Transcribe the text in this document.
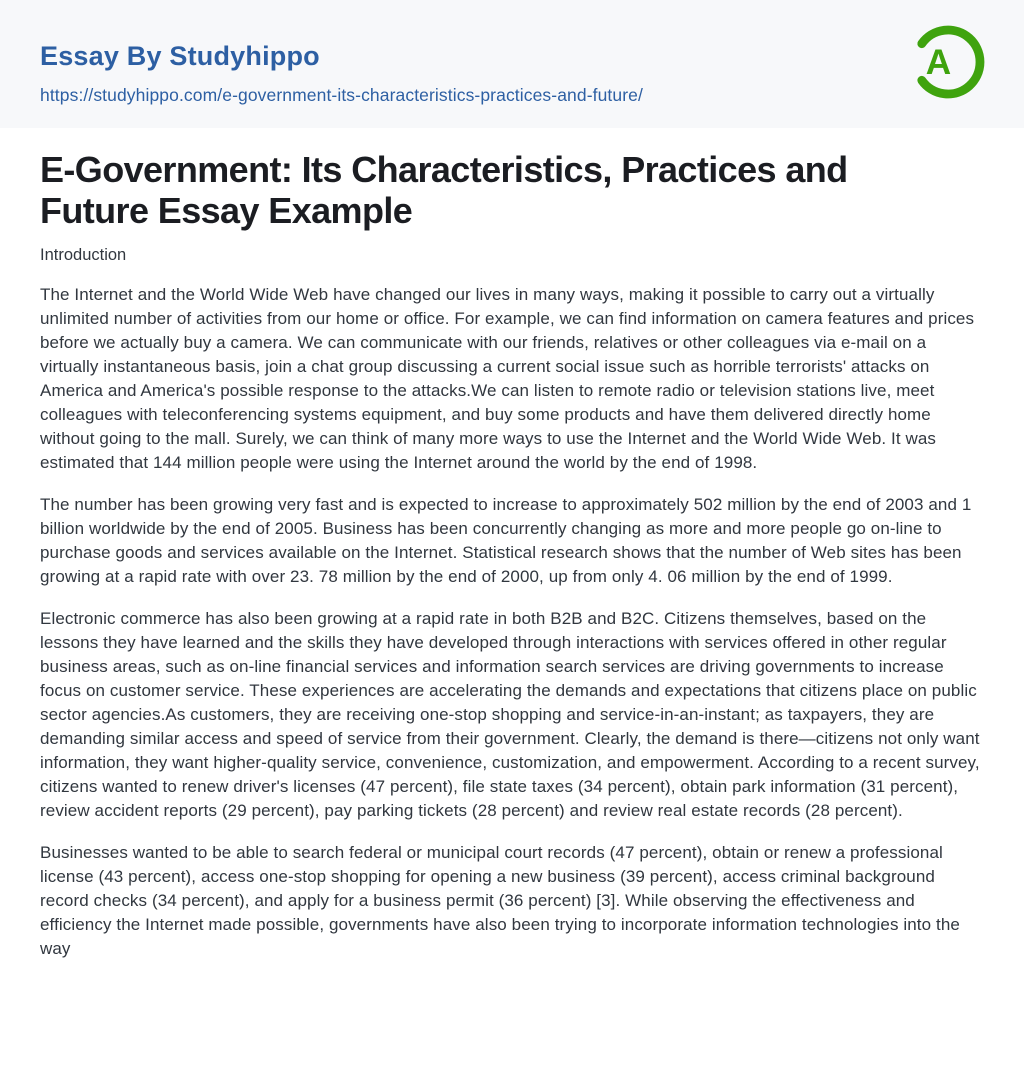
Essay By Studyhippo
https://studyhippo.com/e-government-its-characteristics-practices-and-future/
A
E-Government: Its Characteristics, Practices and
Future Essay Example
Introduction

The Internet and the World Wide Web have changed our lives in many ways, making it possible to carry out a virtually unlimited number of activities from our home or office. For example, we can find information on camera features and prices before we actually buy a camera. We can communicate with our friends, relatives or other colleagues via e-mail on a virtually instantaneous basis, join a chat group discussing a current social issue such as horrible terrorists' attacks on America and America's possible response to the attacks.We can listen to remote radio or television stations live, meet colleagues with teleconferencing systems equipment, and buy some products and have them delivered directly home without going to the mall. Surely, we can think of many more ways to use the Internet and the World Wide Web. It was estimated that 144 million people were using the Internet around the world by the end of 1998.

The number has been growing very fast and is expected to increase to approximately 502 million by the end of 2003 and 1 billion worldwide by the end of 2005. Business has been concurrently changing as more and more people go on-line to purchase goods and services available on the Internet. Statistical research shows that the number of Web sites has been growing at a rapid rate with over 23. 78 million by the end of 2000, up from only 4. 06 million by the end of 1999.

Electronic commerce has also been growing at a rapid rate in both B2B and B2C. Citizens themselves, based on the lessons they have learned and the skills they have developed through interactions with services offered in other regular business areas, such as on-line financial services and information search services are driving governments to increase focus on customer service. These experiences are accelerating the demands and expectations that citizens place on public sector agencies.As customers, they are receiving one-stop shopping and service-in-an-instant; as taxpayers, they are demanding similar access and speed of service from their government. Clearly, the demand is there—citizens not only want information, they want higher-quality service, convenience, customization, and empowerment. According to a recent survey, citizens wanted to renew driver's licenses (47 percent), file state taxes (34 percent), obtain park information (31 percent), review accident reports (29 percent), pay parking tickets (28 percent) and review real estate records (28 percent).

Businesses wanted to be able to search federal or municipal court records (47 percent), obtain or renew a professional license (43 percent), access one-stop shopping for opening a new business (39 percent), access criminal background record checks (34 percent), and apply for a business permit (36 percent) [3]. While observing the effectiveness and efficiency the Internet made possible, governments have also been trying to incorporate information technologies into the way
